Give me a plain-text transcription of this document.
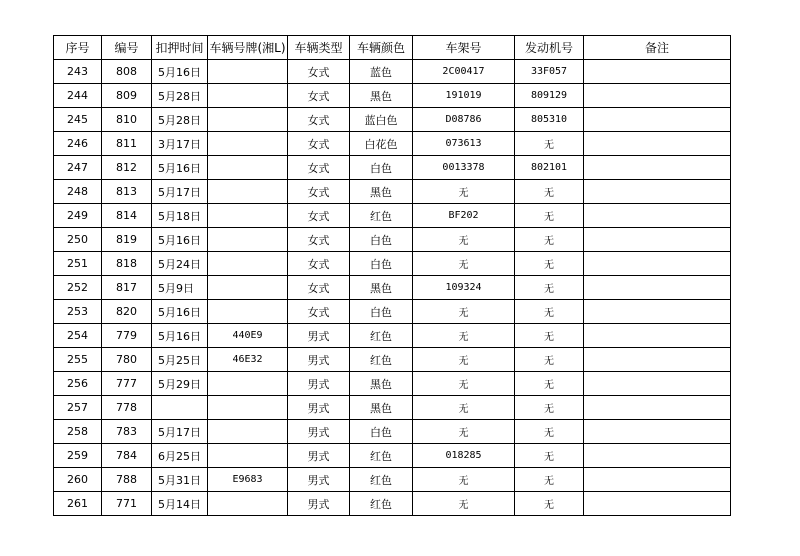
序号	编号	扣押时间	车辆号牌(湘L)	车辆类型	车辆颜色	车架号	发动机号	备注
243	808	5月16日		女式	蓝色	2C00417	33F057	
244	809	5月28日		女式	黑色	191019	809129	
245	810	5月28日		女式	蓝白色	D08786	805310	
246	811	3月17日		女式	白花色	073613	无	
247	812	5月16日		女式	白色	0013378	802101	
248	813	5月17日		女式	黑色	无	无	
249	814	5月18日		女式	红色	BF202	无	
250	819	5月16日		女式	白色	无	无	
251	818	5月24日		女式	白色	无	无	
252	817	5月9日		女式	黑色	109324	无	
253	820	5月16日		女式	白色	无	无	
254	779	5月16日	440E9	男式	红色	无	无	
255	780	5月25日	46E32	男式	红色	无	无	
256	777	5月29日		男式	黑色	无	无	
257	778			男式	黑色	无	无	
258	783	5月17日		男式	白色	无	无	
259	784	6月25日		男式	红色	018285	无	
260	788	5月31日	E9683	男式	红色	无	无	
261	771	5月14日		男式	红色	无	无	
